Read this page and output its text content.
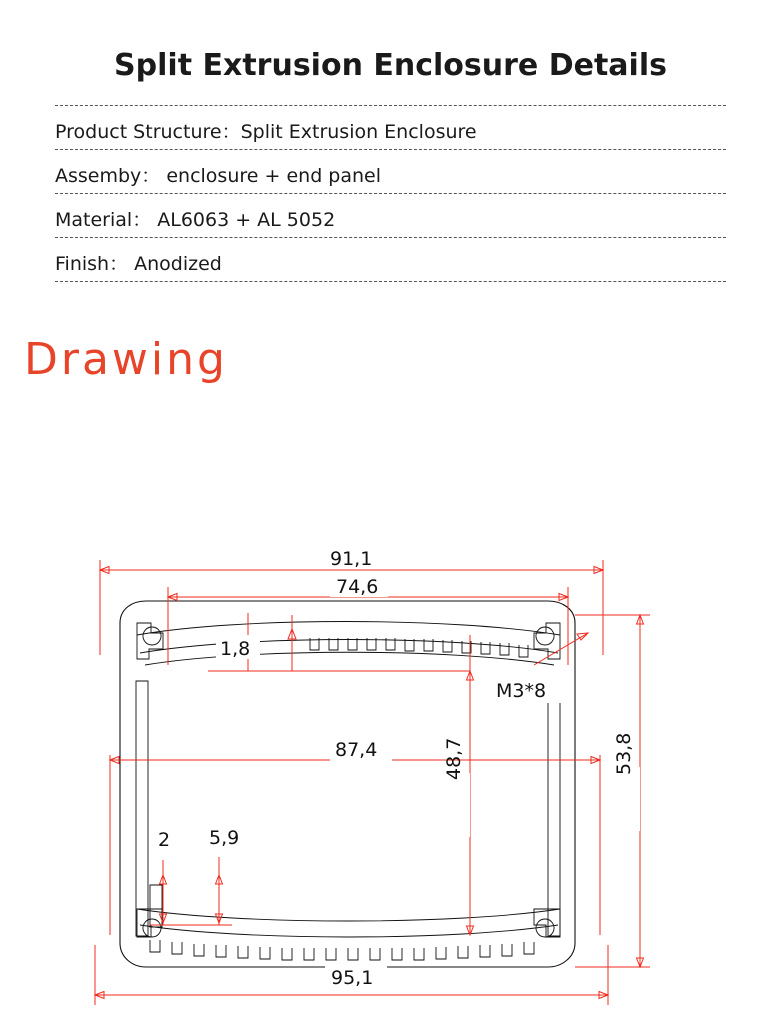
Split Extrusion Enclosure Details
Product Structure：Split Extrusion Enclosure
Assemby： enclosure + end panel
Material： AL6063 + AL 5052
Finish： Anodized
Drawing
91,1
74,6
1,8
M3*8
87,4	48,7	53,8
2 5,9
95,1
